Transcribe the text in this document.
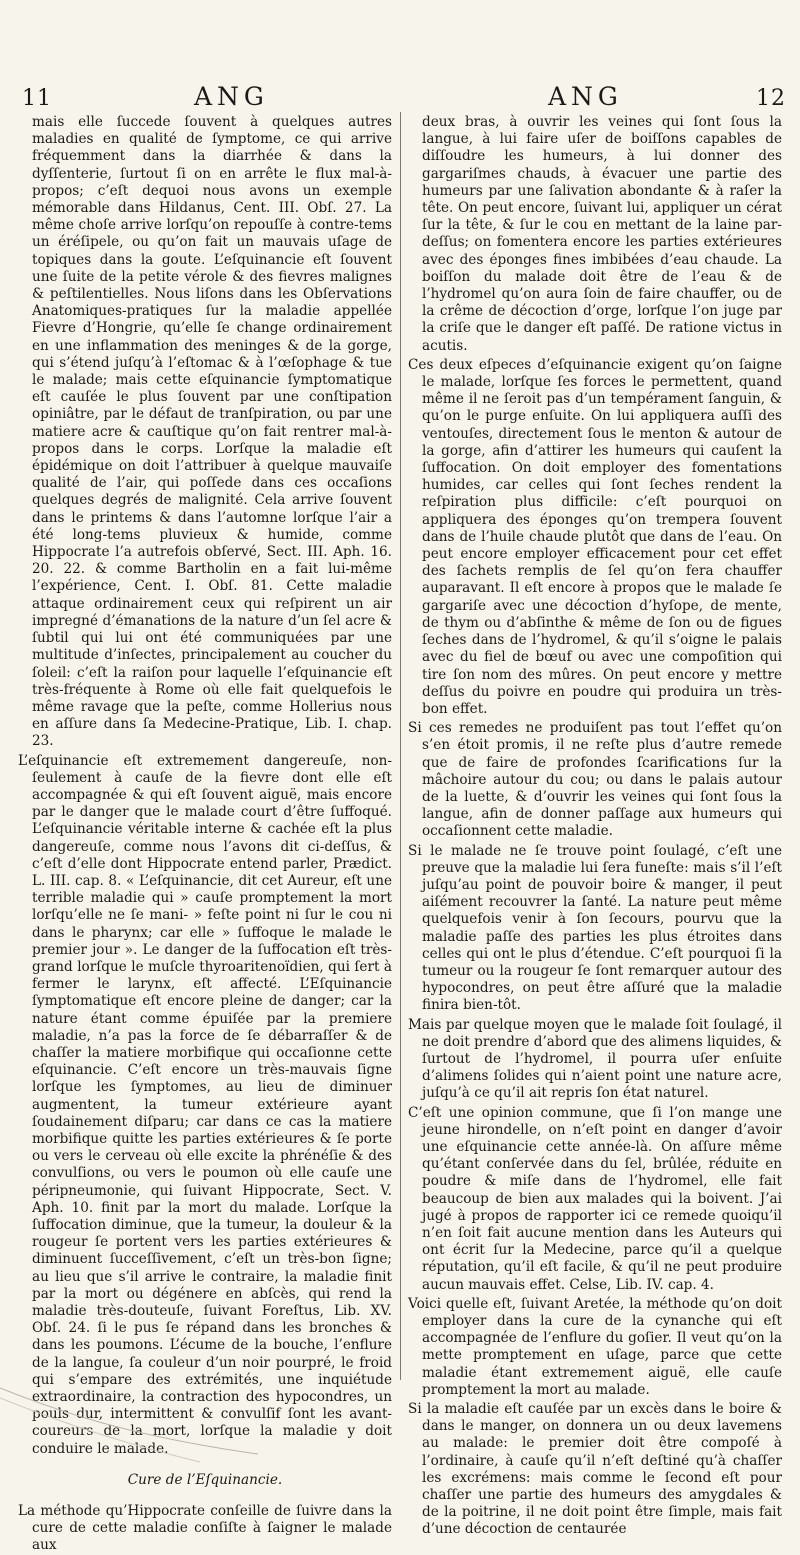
11	ANG	ANG	12

mais elle ſuccede ſouvent à quelques autres maladies en qualité de ſymptome, ce qui arrive fréquemment dans la diarrhée & dans la dyſſenterie, ſurtout ſi on en arrête le flux mal-à-propos; c’eſt dequoi nous avons un exemple mémorable dans Hildanus, Cent. III. Obſ. 27. La même choſe arrive lorſqu’on repouſſe à contre-tems un éréſipele, ou qu’on fait un mauvais uſage de topiques dans la goute. L’eſquinancie eſt ſouvent une ſuite de la petite vérole & des fievres malignes & peſtilentielles. Nous liſons dans les Obſervations Anatomiques-pratiques ſur la maladie appellée Fievre d’Hongrie, qu’elle ſe change ordinairement en une inflammation des meninges & de la gorge, qui s’étend juſqu’à l’eſtomac & à l’œſophage & tue le malade; mais cette eſquinancie ſymptomatique eſt cauſée le plus ſouvent par une conſtipation opiniâtre, par le défaut de tranſpiration, ou par une matiere acre & cauſtique qu’on fait rentrer mal-à-propos dans le corps. Lorſque la maladie eſt épidémique on doit l’attribuer à quelque mauvaiſe qualité de l’air, qui poſſede dans ces occaſions quelques degrés de malignité. Cela arrive ſouvent dans le printems & dans l’automne lorſque l’air a été long-tems pluvieux & humide, comme Hippocrate l’a autrefois obſervé, Sect. III. Aph. 16. 20. 22. & comme Bartholin en a fait lui-même l’expérience, Cent. I. Obſ. 81. Cette maladie attaque ordinairement ceux qui reſpirent un air impregné d’émanations de la nature d’un ſel acre & ſubtil qui lui ont été communiquées par une multitude d’inſectes, principalement au coucher du ſoleil: c’eſt la raiſon pour laquelle l’eſquinancie eſt très-fréquente à Rome où elle fait quelquefois le même ravage que la peſte, comme Hollerius nous en aſſure dans ſa Medecine-Pratique, Lib. I. chap. 23.

L’eſquinancie eſt extremement dangereuſe, non-ſeulement à cauſe de la fievre dont elle eſt accompagnée & qui eſt ſouvent aiguë, mais encore par le danger que le malade court d’être ſuffoqué. L’eſquinancie véritable interne & cachée eſt la plus dangereuſe, comme nous l’avons dit ci-deſſus, & c’eſt d’elle dont Hippocrate entend parler, Prædict. L. III. cap. 8. « L’eſquinancie, dit cet Aureur, eſt une terrible maladie qui » cauſe promptement la mort lorſqu’elle ne ſe mani- » feſte point ni ſur le cou ni dans le pharynx; car elle » ſuffoque le malade le premier jour ». Le danger de la ſuffocation eſt très-grand lorſque le muſcle thyroaritenoïdien, qui ſert à fermer le larynx, eſt affecté. L’Eſquinancie ſymptomatique eſt encore pleine de danger; car la nature étant comme épuiſée par la premiere maladie, n’a pas la force de ſe débarraſſer & de chaſſer la matiere morbifique qui occaſionne cette eſquinancie. C’eſt encore un très-mauvais ſigne lorſque les ſymptomes, au lieu de diminuer augmentent, la tumeur extérieure ayant ſoudainement diſparu; car dans ce cas la matiere morbifique quitte les parties extérieures & ſe porte ou vers le cerveau où elle excite la phrénéſie & des convulſions, ou vers le poumon où elle cauſe une péripneumonie, qui ſuivant Hippocrate, Sect. V. Aph. 10. finit par la mort du malade. Lorſque la ſuffocation diminue, que la tumeur, la douleur & la rougeur ſe portent vers les parties extérieures & diminuent ſucceſſivement, c’eſt un très-bon ſigne; au lieu que s’il arrive le contraire, la maladie finit par la mort ou dégénere en abſcès, qui rend la maladie très-douteuſe, ſuivant Foreſtus, Lib. XV. Obſ. 24. ſi le pus ſe répand dans les bronches & dans les poumons. L’écume de la bouche, l’enflure de la langue, ſa couleur d’un noir pourpré, le froid qui s’empare des extrémités, une inquiétude extraordinaire, la contraction des hypocondres, un pouls dur, intermittent & convulſif ſont les avant-coureurs de la mort, lorſque la maladie y doit conduire le malade.

Cure de l’Eſquinancie.

La méthode qu’Hippocrate conſeille de ſuivre dans la cure de cette maladie conſiſte à ſaigner le malade aux

deux bras, à ouvrir les veines qui ſont ſous la langue, à lui faire uſer de boiſſons capables de diſſoudre les humeurs, à lui donner des gargariſmes chauds, à évacuer une partie des humeurs par une ſalivation abondante & à raſer la tête. On peut encore, ſuivant lui, appliquer un cérat ſur la tête, & ſur le cou en mettant de la laine par-deſſus; on fomentera encore les parties extérieures avec des éponges fines imbibées d’eau chaude. La boiſſon du malade doit être de l’eau & de l’hydromel qu’on aura ſoin de faire chauffer, ou de la crême de décoction d’orge, lorſque l’on juge par la criſe que le danger eſt paſſé. De ratione victus in acutis.

Ces deux eſpeces d’eſquinancie exigent qu’on ſaigne le malade, lorſque ſes forces le permettent, quand même il ne ſeroit pas d’un tempérament ſanguin, & qu’on le purge enſuite. On lui appliquera auſſi des ventouſes, directement ſous le menton & autour de la gorge, afin d’attirer les humeurs qui cauſent la ſuffocation. On doit employer des fomentations humides, car celles qui ſont ſeches rendent la reſpiration plus difficile: c’eſt pourquoi on appliquera des éponges qu’on trempera ſouvent dans de l’huile chaude plutôt que dans de l’eau. On peut encore employer efficacement pour cet effet des ſachets remplis de ſel qu’on fera chauffer auparavant. Il eſt encore à propos que le malade ſe gargariſe avec une décoction d’hyſope, de mente, de thym ou d’abſinthe & même de ſon ou de figues ſeches dans de l’hydromel, & qu’il s’oigne le palais avec du fiel de bœuf ou avec une compoſition qui tire ſon nom des mûres. On peut encore y mettre deſſus du poivre en poudre qui produira un très-bon effet.

Si ces remedes ne produiſent pas tout l’effet qu’on s’en étoit promis, il ne reſte plus d’autre remede que de faire de profondes ſcarifications ſur la mâchoire autour du cou; ou dans le palais autour de la luette, & d’ouvrir les veines qui ſont ſous la langue, afin de donner paſſage aux humeurs qui occaſionnent cette maladie.

Si le malade ne ſe trouve point ſoulagé, c’eſt une preuve que la maladie lui ſera funeſte: mais s’il l’eſt juſqu’au point de pouvoir boire & manger, il peut aiſément recouvrer la ſanté. La nature peut même quelquefois venir à ſon ſecours, pourvu que la maladie paſſe des parties les plus étroites dans celles qui ont le plus d’étendue. C’eſt pourquoi ſi la tumeur ou la rougeur ſe ſont remarquer autour des hypocondres, on peut être aſſuré que la maladie finira bien-tôt.

Mais par quelque moyen que le malade ſoit ſoulagé, il ne doit prendre d’abord que des alimens liquides, & ſurtout de l’hydromel, il pourra uſer enſuite d’alimens ſolides qui n’aient point une nature acre, juſqu’à ce qu’il ait repris ſon état naturel.

C’eſt une opinion commune, que ſi l’on mange une jeune hirondelle, on n’eſt point en danger d’avoir une eſquinancie cette année-là. On aſſure même qu’étant conſervée dans du ſel, brûlée, réduite en poudre & miſe dans de l’hydromel, elle fait beaucoup de bien aux malades qui la boivent. J’ai jugé à propos de rapporter ici ce remede quoiqu’il n’en ſoit fait aucune mention dans les Auteurs qui ont écrit ſur la Medecine, parce qu’il a quelque réputation, qu’il eſt facile, & qu’il ne peut produire aucun mauvais effet. Celse, Lib. IV. cap. 4.

Voici quelle eſt, ſuivant Aretée, la méthode qu’on doit employer dans la cure de la cynanche qui eſt accompagnée de l’enflure du goſier. Il veut qu’on la mette promptement en uſage, parce que cette maladie étant extremement aiguë, elle cauſe promptement la mort au malade.

Si la maladie eſt cauſée par un excès dans le boire & dans le manger, on donnera un ou deux lavemens au malade: le premier doit être compoſé à l’ordinaire, à cauſe qu’il n’eſt deſtiné qu’à chaſſer les excrémens: mais comme le ſecond eſt pour chaſſer une partie des humeurs des amygdales & de la poitrine, il ne doit point être ſimple, mais fait d’une décoction de centaurée
